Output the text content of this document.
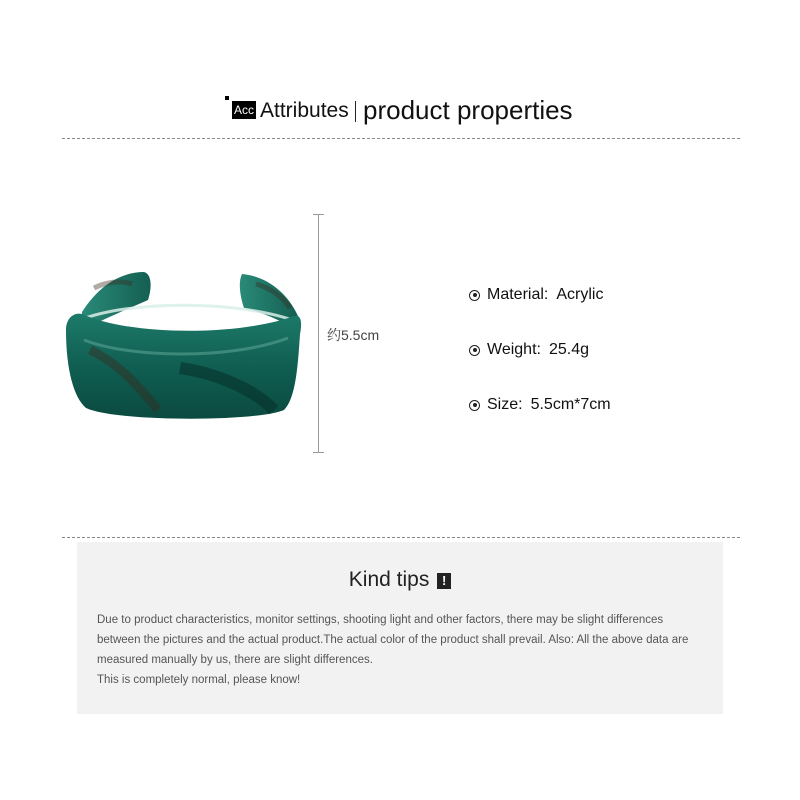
Acc Attributes product properties
约5.5cm
Material: Acrylic
Weight: 25.4g
Size: 5.5cm*7cm
Kind tips !

Due to product characteristics, monitor settings, shooting light and other factors, there may be slight differences between the pictures and the actual product.The actual color of the product shall prevail. Also: All the above data are measured manually by us, there are slight differences.

This is completely normal, please know!
